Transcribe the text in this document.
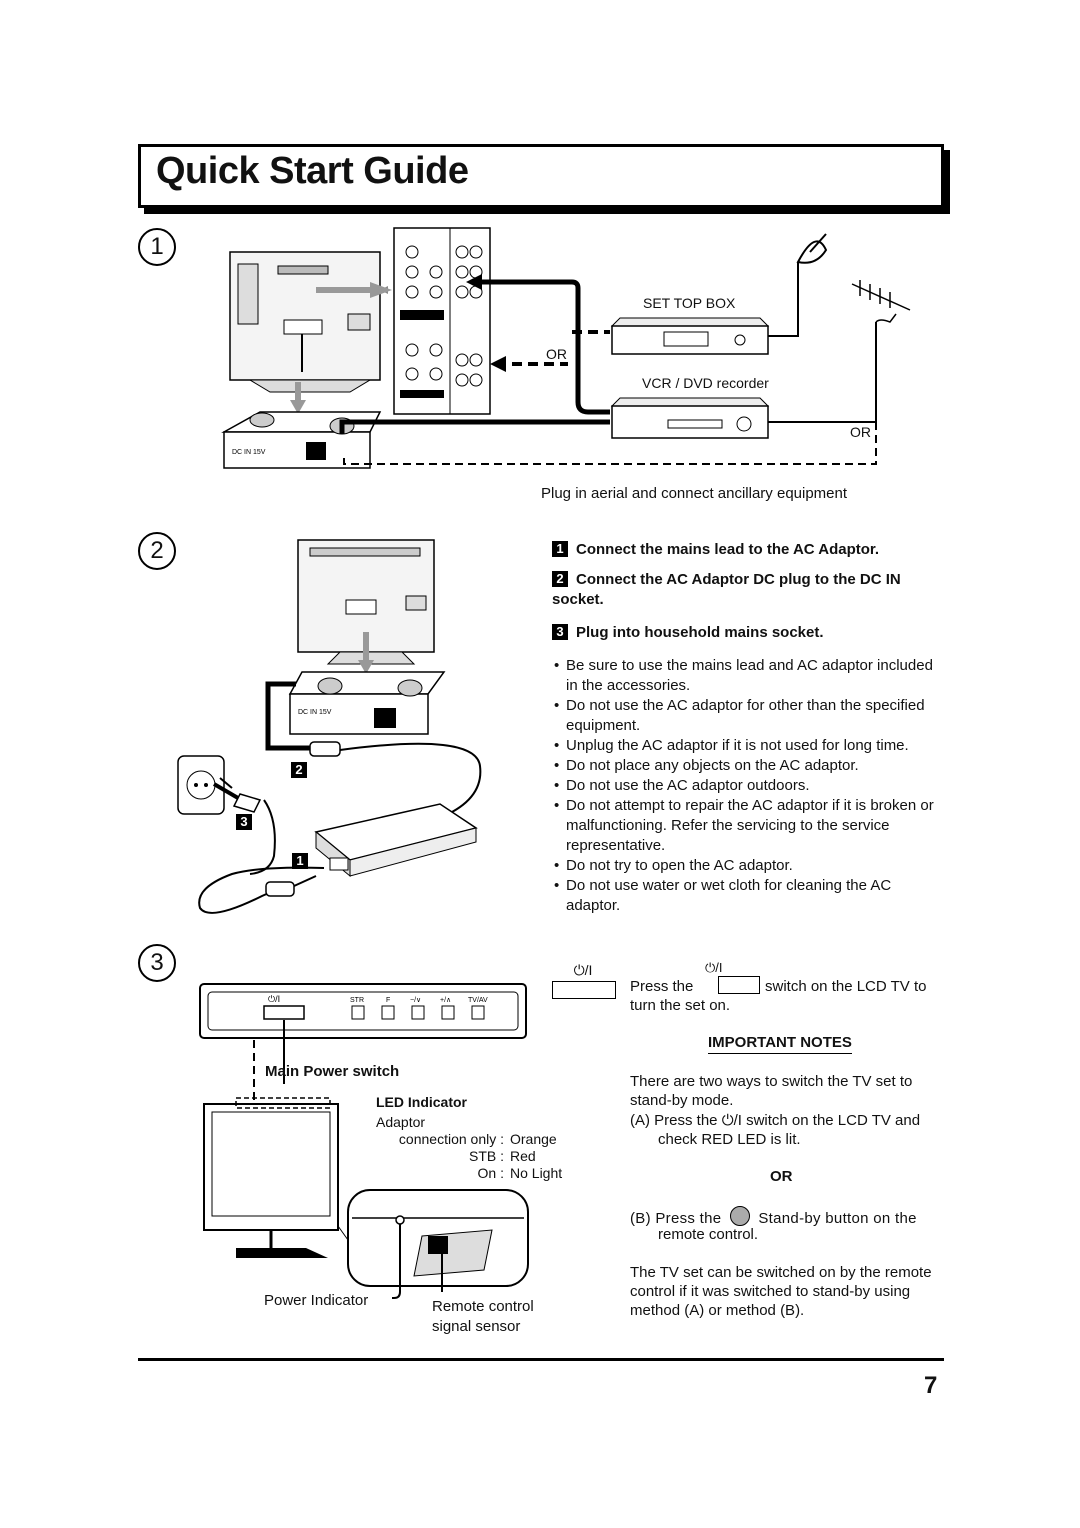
Quick Start Guide
1
2
3
DC IN 15V
SET TOP BOX
OR
VCR / DVD recorder
OR
Plug in aerial and connect ancillary equipment
DC IN 15V
2
3
1
1 Connect the mains lead to the AC Adaptor.
2 Connect the AC Adaptor DC plug to the DC IN socket.
3 Plug into household mains socket.
• Be sure to use the mains lead and AC adaptor included in the accessories.
• Do not use the AC adaptor for other than the specified equipment.
• Unplug the AC adaptor if it is not used for long time.
• Do not place any objects on the AC adaptor.
• Do not use the AC adaptor outdoors.
• Do not attempt to repair the AC adaptor if it is broken or malfunctioning. Refer the servicing to the service representative.
• Do not try to open the AC adaptor.
• Do not use water or wet cloth for cleaning the AC adaptor.
⏻/I	STR	F	−/∨	+/∧ TV/AV
Main Power switch
LED Indicator
Adaptor
connection only : Orange
STB : Red
On : No Light
Power Indicator	Remote control
signal sensor
⏻/I	⏻/I
Press the	switch on the LCD TV to
turn the set on.
IMPORTANT NOTES
There are two ways to switch the TV set to stand-by mode.
(A) Press the ⏻/I switch on the LCD TV and
check RED LED is lit.
OR
(B) Press the Stand-by button on the
remote control.
The TV set can be switched on by the remote control if it was switched to stand-by using method (A) or method (B).
7
